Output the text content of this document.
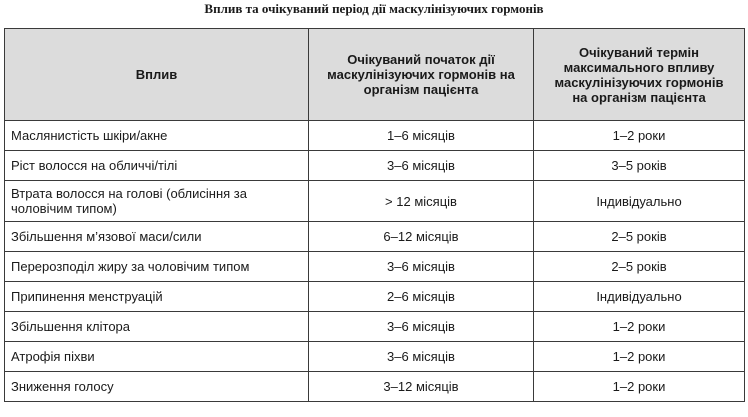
Вплив та очікуваний період дії маскулінізуючих гормонів
Вплив	Очікуваний початок дії маскулінізуючих гормонів на організм пацієнта	Очікуваний термін максимального впливу маскулінізуючих гормонів на організм пацієнта
Маслянистість шкіри/акне	1–6 місяців	1–2 роки
Ріст волосся на обличчі/тілі	3–6 місяців	3–5 років
Втрата волосся на голові (облисіння за чоловічим типом)	> 12 місяців	Індивідуально
Збільшення м’язової маси/сили	6–12 місяців	2–5 років
Перерозподіл жиру за чоловічим типом	3–6 місяців	2–5 років
Припинення менструацій	2–6 місяців	Індивідуально
Збільшення клітора	3–6 місяців	1–2 роки
Атрофія піхви	3–6 місяців	1–2 роки
Зниження голосу	3–12 місяців	1–2 роки
